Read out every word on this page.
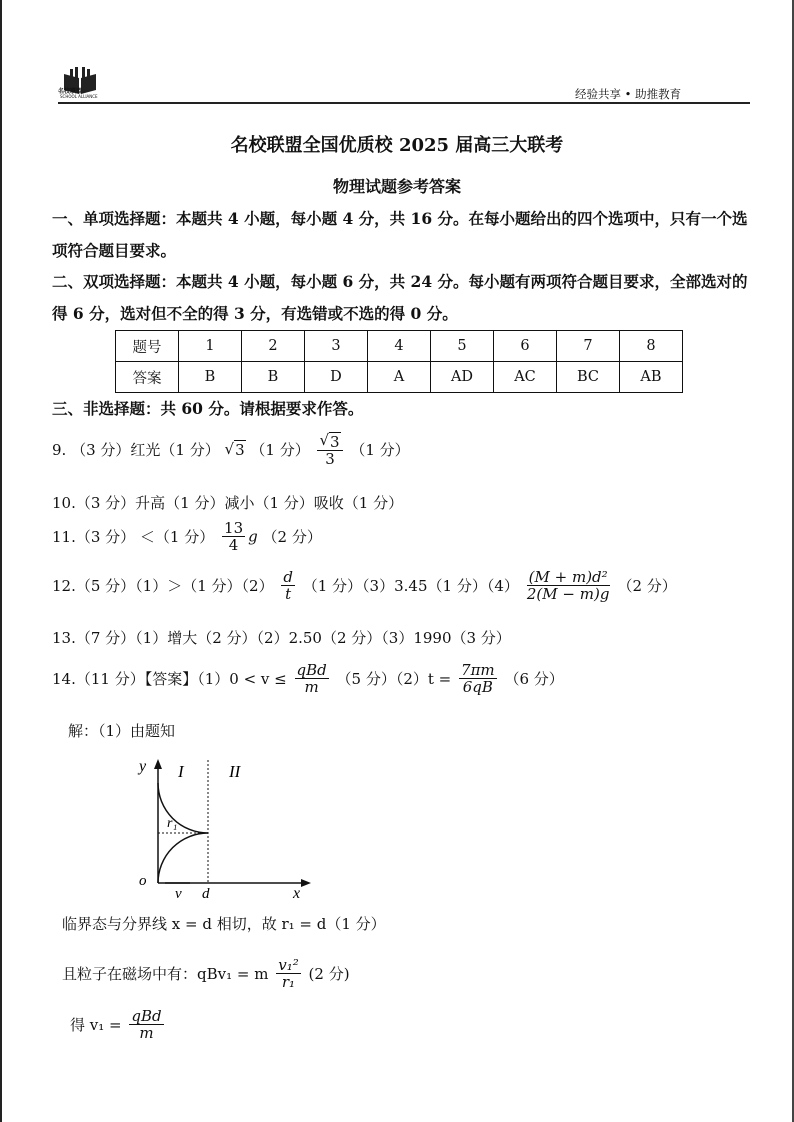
名校联盟
SCHOOL ALLIANCE	经验共享 • 助推教育
名校联盟全国优质校 2025 届高三大联考
物理试题参考答案
一、单项选择题：本题共 4 小题，每小题 4 分，共 16 分。在每小题给出的四个选项中，只有一个选项符合题目要求。
二、双项选择题：本题共 4 小题，每小题 6 分，共 24 分。每小题有两项符合题目要求，全部选对的得 6 分，选对但不全的得 3 分，有选错或不选的得 0 分。
题号	1	2	3	4	5	6	7	8
答案	B	B	D	A	AD	AC	BC	AB
三、非选择题：共 60 分。请根据要求作答。
9. （3 分）红光（1 分） √3 （1 分） $\frac{√3}{3} (1$ 分）
10.（3 分）升高（1 分）减小（1 分）吸收（1 分）
11.（3 分） ＜（1 分） $\frac{13}{4}$ g （2 分）
12.（5 分）（1）＞（1 分）$(2) \frac{d}{t} (1$ 分）（3）3.45（1 分）$(4) \frac{\text{(M + m)d²}}{2(M - m)g} (2$ 分）
13.（7 分）（1）增大（2 分）（2）2.50（2 分）（3）1990（3 分）
14.（11 分）【答案】$(1)0 < v \le \frac{\text{qBd}}{m} (5$ 分）$(2)t = \frac{7\pi m}{6qB} (6$ 分）
解：（1）由题知
y I	II
r₁
o
v d	x
临界态与分界线 x = d 相切，故 r₁ = d（1 分）
且粒子在磁场中有：qBv₁ = m $\frac{\text{v₁²}}{\text{r₁}} (2$ 分)
得 $v_1 = \frac{\text{qBd}}{m}$
